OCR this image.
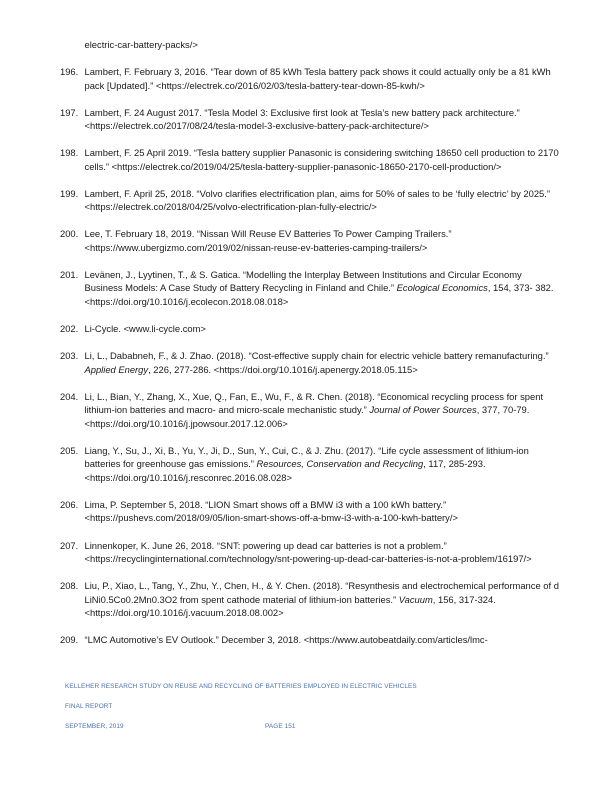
electric-car-battery-packs/>
196. Lambert, F. February 3, 2016. “Tear down of 85 kWh Tesla battery pack shows it could actually only be a 81 kWh pack [Updated].” <https://electrek.co/2016/02/03/tesla-battery-tear-down-85-kwh/>
197. Lambert, F. 24 August 2017. “Tesla Model 3: Exclusive first look at Tesla’s new battery pack architecture.” <https://electrek.co/2017/08/24/tesla-model-3-exclusive-battery-pack-architecture/>
198. Lambert, F. 25 April 2019. “Tesla battery supplier Panasonic is considering switching 18650 cell production to 2170 cells.” <https://electrek.co/2019/04/25/tesla-battery-supplier-panasonic-18650-2170-cell-production/>
199. Lambert, F. April 25, 2018. “Volvo clarifies electrification plan, aims for 50% of sales to be ‘fully electric’ by 2025.” <https://electrek.co/2018/04/25/volvo-electrification-plan-fully-electric/>
200. Lee, T. February 18, 2019. “Nissan Will Reuse EV Batteries To Power Camping Trailers.” <https://www.ubergizmo.com/2019/02/nissan-reuse-ev-batteries-camping-trailers/>
201. Levänen, J., Lyytinen, T., & S. Gatica. “Modelling the Interplay Between Institutions and Circular Economy Business Models: A Case Study of Battery Recycling in Finland and Chile.” Ecological Economics, 154, 373- 382. <https://doi.org/10.1016/j.ecolecon.2018.08.018>
202. Li-Cycle. <www.li-cycle.com>
203. Li, L., Dababneh, F., & J. Zhao. (2018). “Cost-effective supply chain for electric vehicle battery remanufacturing.” Applied Energy, 226, 277-286. <https://doi.org/10.1016/j.apenergy.2018.05.115>
204. Li, L., Bian, Y., Zhang, X., Xue, Q., Fan, E., Wu, F., & R. Chen. (2018). “Economical recycling process for spent lithium-ion batteries and macro- and micro-scale mechanistic study.” Journal of Power Sources, 377, 70-79. <https://doi.org/10.1016/j.jpowsour.2017.12.006>
205. Liang, Y., Su, J., Xi, B., Yu, Y., Ji, D., Sun, Y., Cui, C., & J. Zhu. (2017). “Life cycle assessment of lithium-ion batteries for greenhouse gas emissions.” Resources, Conservation and Recycling, 117, 285-293. <https://doi.org/10.1016/j.resconrec.2016.08.028>
206. Lima, P. September 5, 2018. “LION Smart shows off a BMW i3 with a 100 kWh battery.” <https://pushevs.com/2018/09/05/lion-smart-shows-off-a-bmw-i3-with-a-100-kwh-battery/>
207. Linnenkoper, K. June 26, 2018. “SNT: powering up dead car batteries is not a problem.” <https://recyclinginternational.com/technology/snt-powering-up-dead-car-batteries-is-not-a-problem/16197/>
208. Liu, P., Xiao, L., Tang, Y., Zhu, Y., Chen, H., & Y. Chen. (2018). “Resynthesis and electrochemical performance of d LiNi0.5Co0.2Mn0.3O2 from spent cathode material of lithium-ion batteries.” Vacuum, 156, 317-324. <https://doi.org/10.1016/j.vacuum.2018.08.002>
209. “LMC Automotive’s EV Outlook.” December 3, 2018. <https://www.autobeatdaily.com/articles/lmc-
KELLEHER RESEARCH STUDY ON REUSE AND RECYCLING OF BATTERIES EMPLOYED IN ELECTRIC VEHICLES
FINAL REPORT
SEPTEMBER, 2019	PAGE 151
